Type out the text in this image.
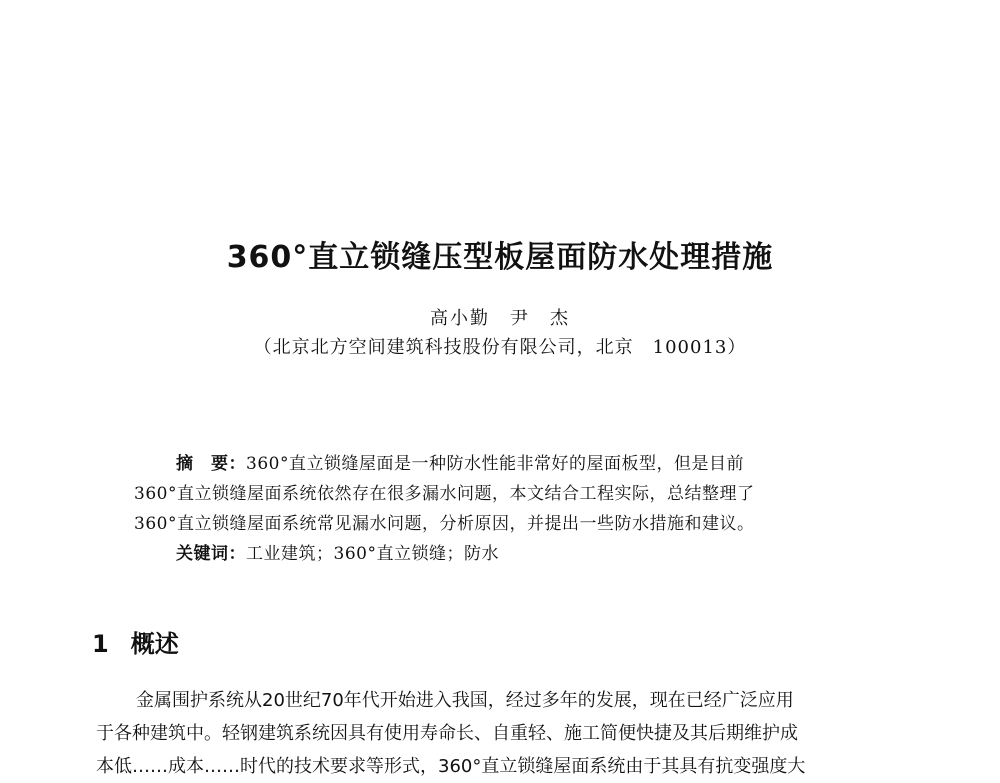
360°直立锁缝压型板屋面防水处理措施
高小勤　尹　杰
（北京北方空间建筑科技股份有限公司，北京　100013）
摘　要：360°直立锁缝屋面是一种防水性能非常好的屋面板型，但是目前
360°直立锁缝屋面系统依然存在很多漏水问题，本文结合工程实际，总结整理了
360°直立锁缝屋面系统常见漏水问题，分析原因，并提出一些防水措施和建议。
关键词：工业建筑；360°直立锁缝；防水
1 概述
金属围护系统从20世纪70年代开始进入我国，经过多年的发展，现在已经广泛应用
于各种建筑中。轻钢建筑系统因具有使用寿命长、自重轻、施工简便快捷及其后期维护成
本低……成本……时代的技术要求等形式，360°直立锁缝屋面系统由于其具有抗变强度大
